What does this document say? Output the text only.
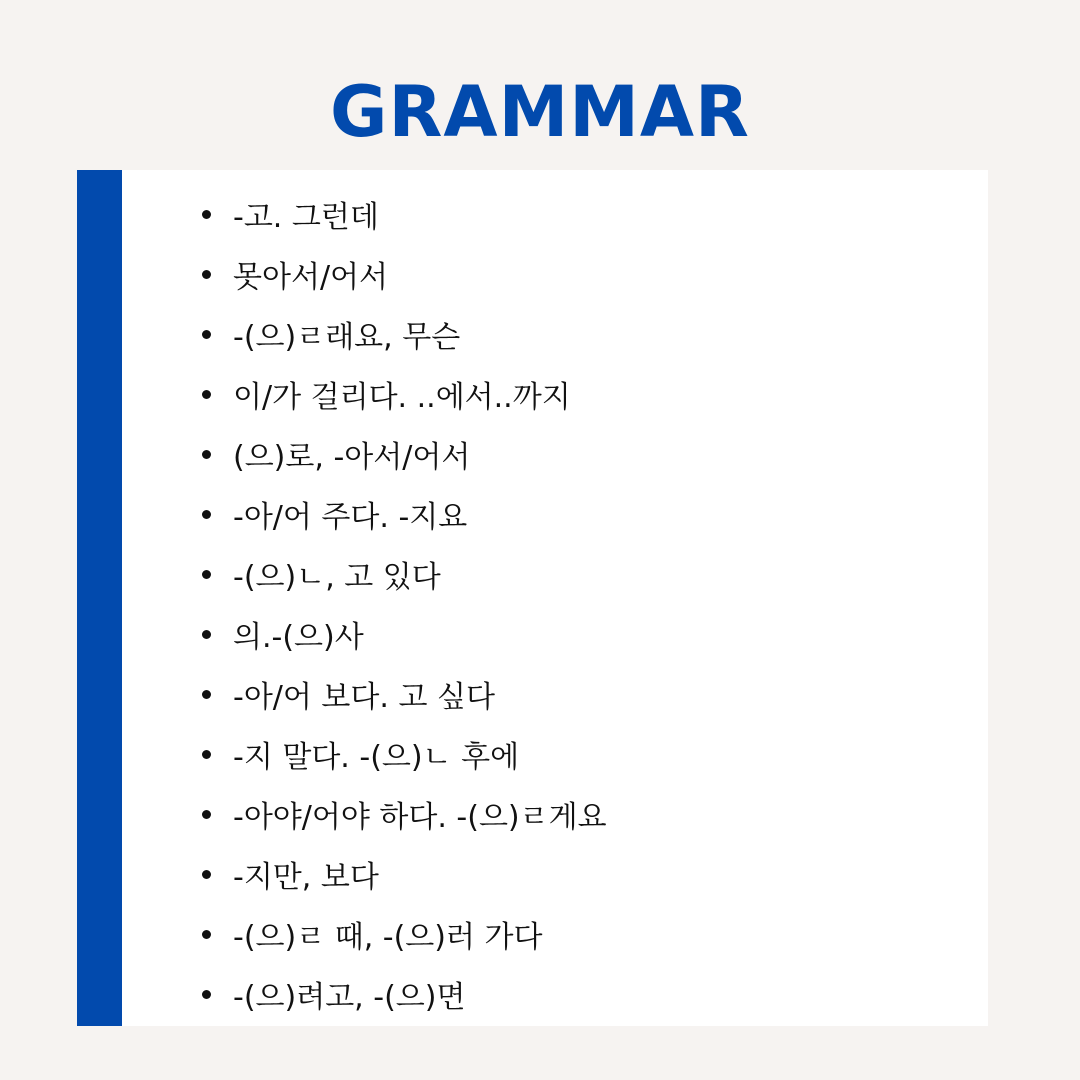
GRAMMAR
-고. 그런데
못아서/어서
-(으)ㄹ래요, 무슨
이/가 걸리다. ..에서..까지
(으)로, -아서/어서
-아/어 주다. -지요
-(으)ㄴ, 고 있다
의.-(으)사
-아/어 보다. 고 싶다
-지 말다. -(으)ㄴ 후에
-아야/어야 하다. -(으)ㄹ게요
-지만, 보다
-(으)ㄹ 때, -(으)러 가다
-(으)려고, -(으)면
